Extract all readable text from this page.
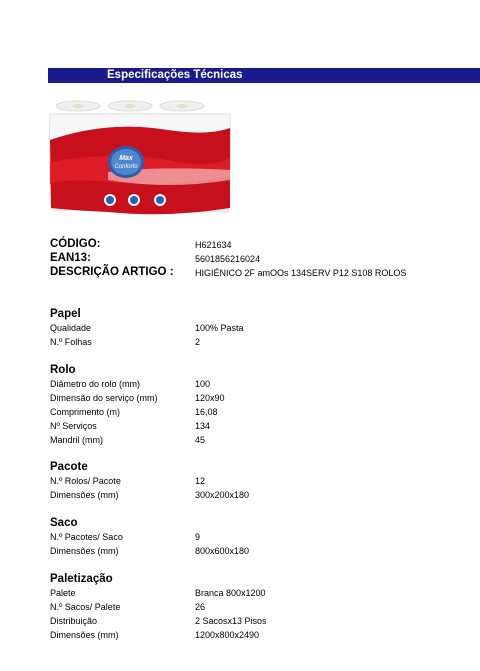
Especificações Técnicas
Max
Conforto
CÓDIGO:	H621634
EAN13:	5601856216024
DESCRIÇÃO ARTIGO : HIGIÉNICO 2F amOOs 134SERV P12 S108 ROLOS
Papel
Qualidade	100% Pasta
N.º Folhas	2
Rolo
Diâmetro do rolo (mm)	100
Dimensão do serviço (mm)	120x90
Comprimento (m)	16,08
Nº Serviços	134
Mandril (mm)	45
Pacote
N.º Rolos/ Pacote	12
Dimensões (mm)	300x200x180
Saco
N.º Pacotes/ Saco	9
Dimensões (mm)	800x600x180
Paletização
Palete	Branca 800x1200
N.º Sacos/ Palete	26
Distribuição	2 Sacosx13 Pisos
Dimensões (mm)	1200x800x2490
